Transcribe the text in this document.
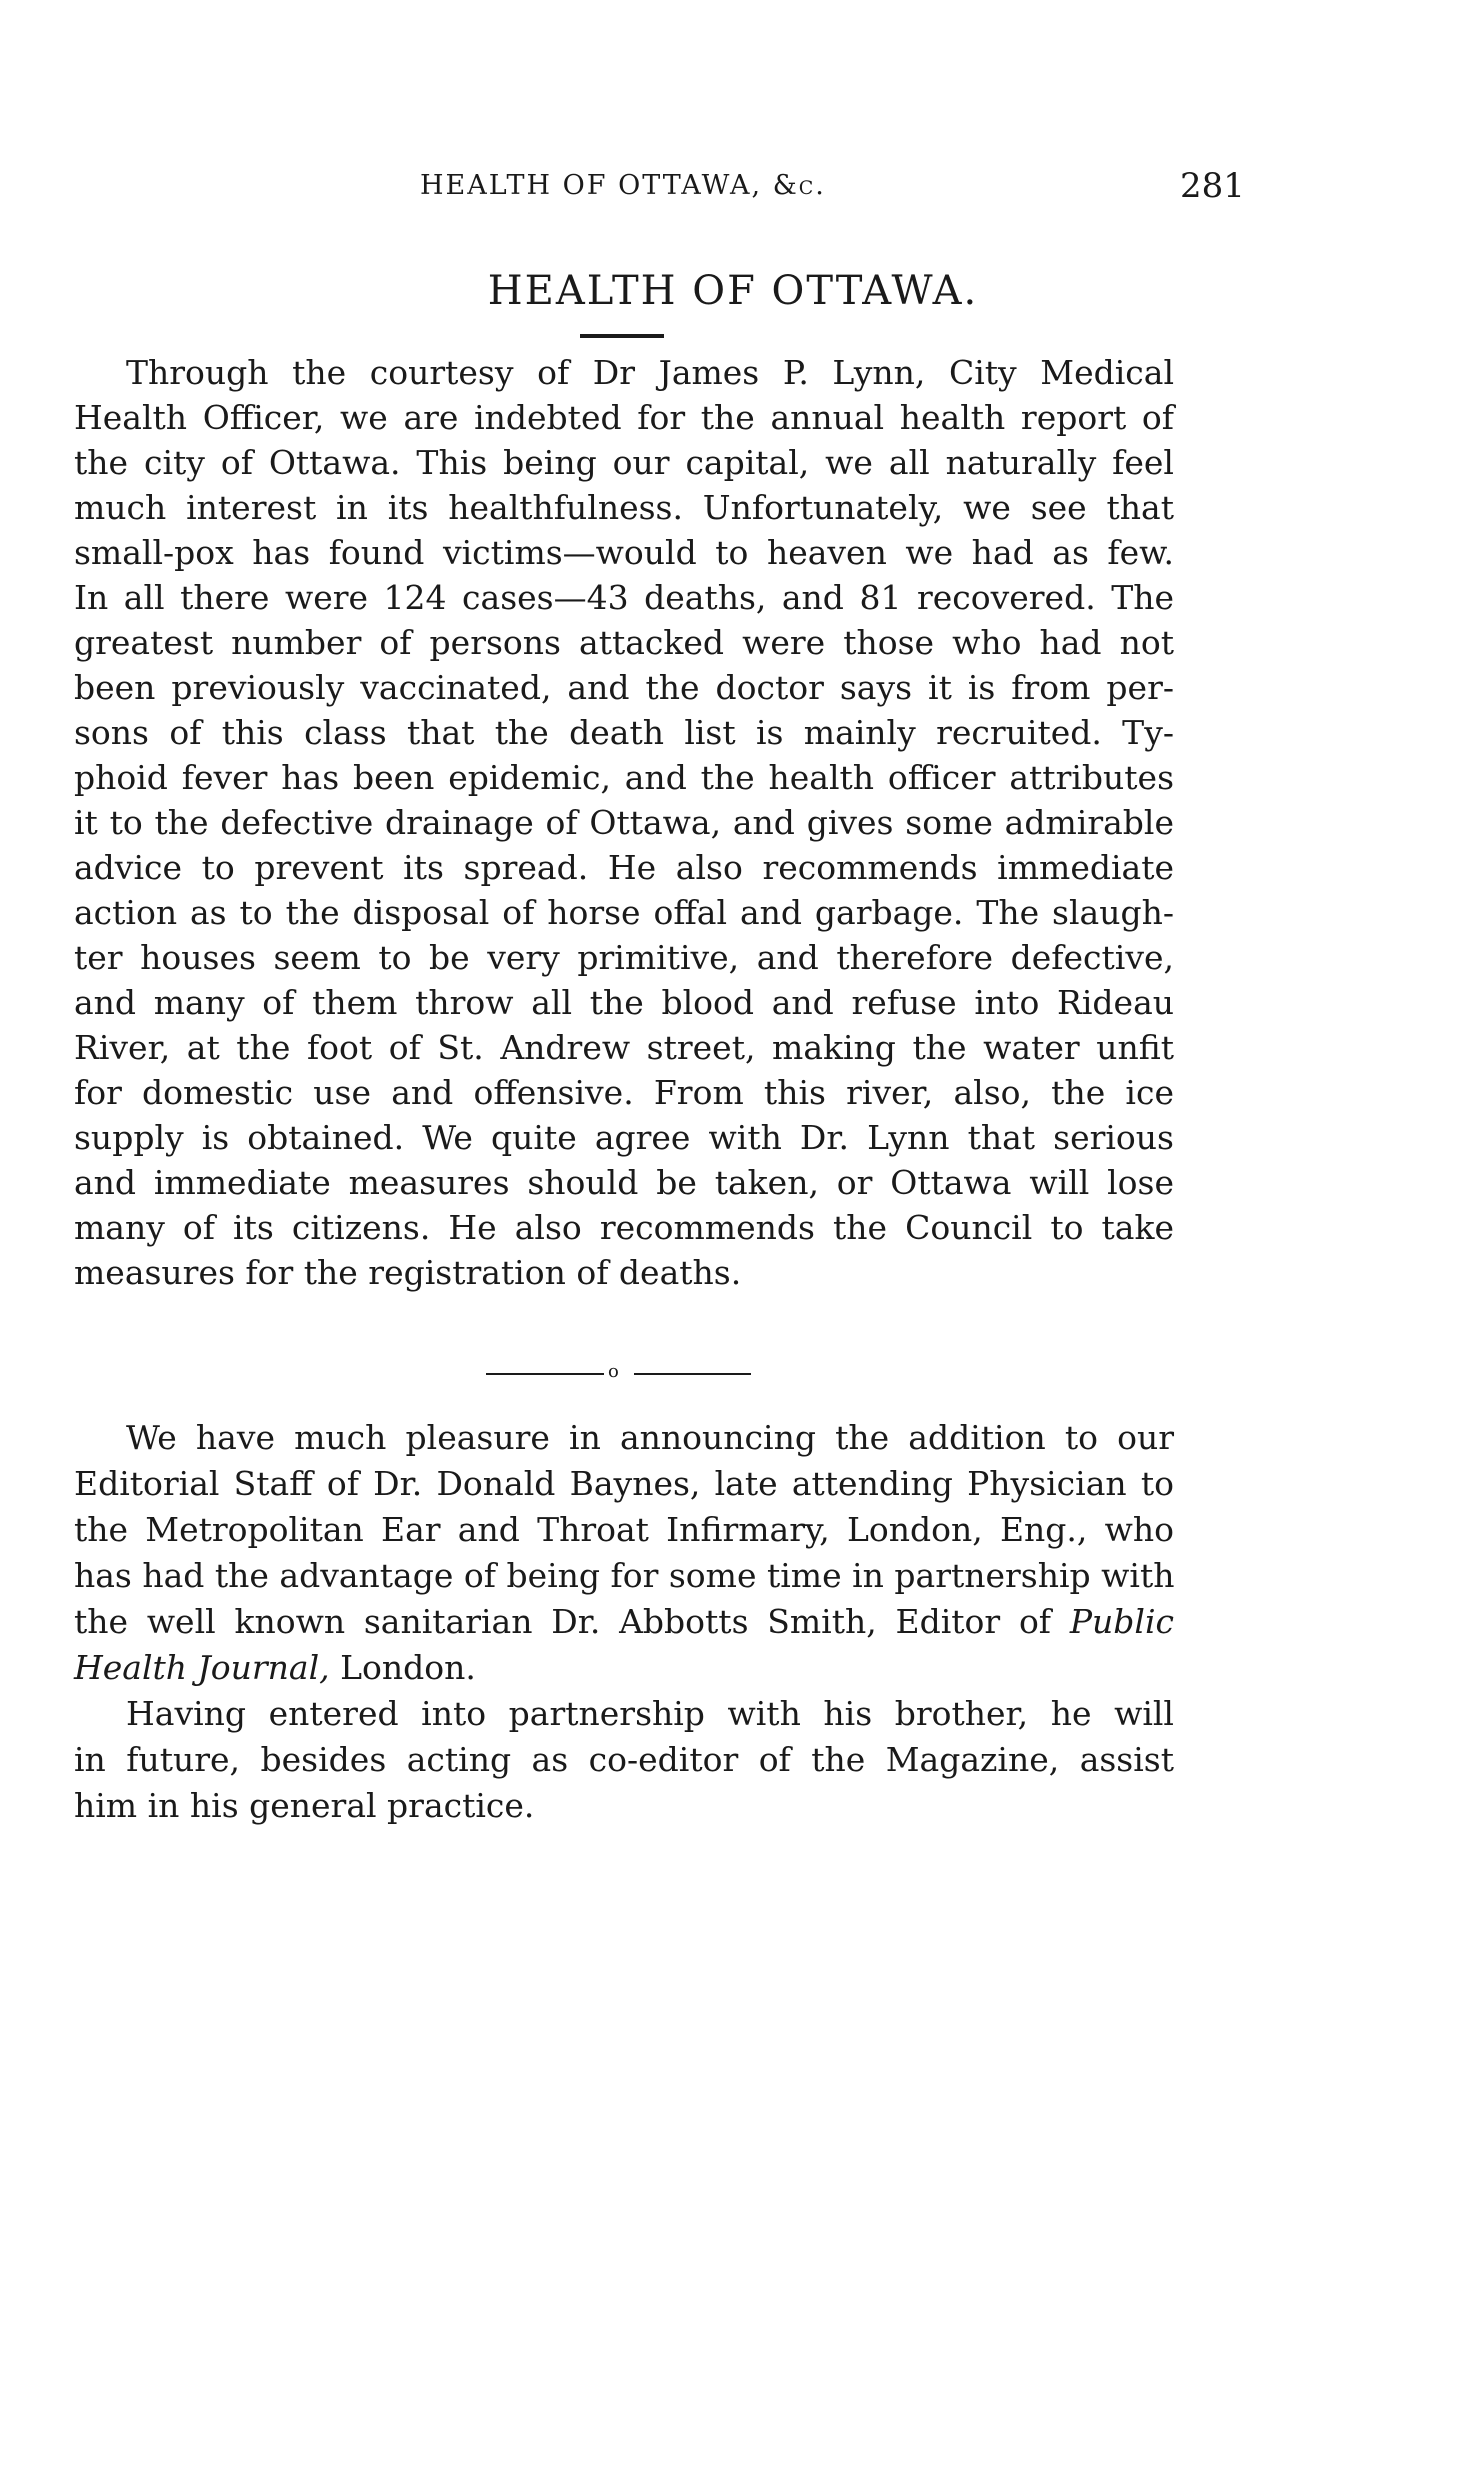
HEALTH OF OTTAWA, &c.	281
HEALTH OF OTTAWA.
Through the courtesy of Dr James P. Lynn, City Medical
Health Officer, we are indebted for the annual health report of
the city of Ottawa. This being our capital, we all naturally feel
much interest in its healthfulness. Unfortunately, we see that
small-pox has found victims—would to heaven we had as few.
In all there were 124 cases—43 deaths, and 81 recovered. The
greatest number of persons attacked were those who had not
been previously vaccinated, and the doctor says it is from per-
sons of this class that the death list is mainly recruited. Ty-
phoid fever has been epidemic, and the health officer attributes
it to the defective drainage of Ottawa, and gives some admirable
advice to prevent its spread. He also recommends immediate
action as to the disposal of horse offal and garbage. The slaugh-
ter houses seem to be very primitive, and therefore defective,
and many of them throw all the blood and refuse into Rideau
River, at the foot of St. Andrew street, making the water unfit
for domestic use and offensive. From this river, also, the ice
supply is obtained. We quite agree with Dr. Lynn that serious
and immediate measures should be taken, or Ottawa will lose
many of its citizens. He also recommends the Council to take
measures for the registration of deaths.
o
We have much pleasure in announcing the addition to our
Editorial Staff of Dr. Donald Baynes, late attending Physician to
the Metropolitan Ear and Throat Infirmary, London, Eng., who
has had the advantage of being for some time in partnership with
the well known sanitarian Dr. Abbotts Smith, Editor of Public
Health Journal, London.
Having entered into partnership with his brother, he will
in future, besides acting as co-editor of the Magazine, assist
him in his general practice.
